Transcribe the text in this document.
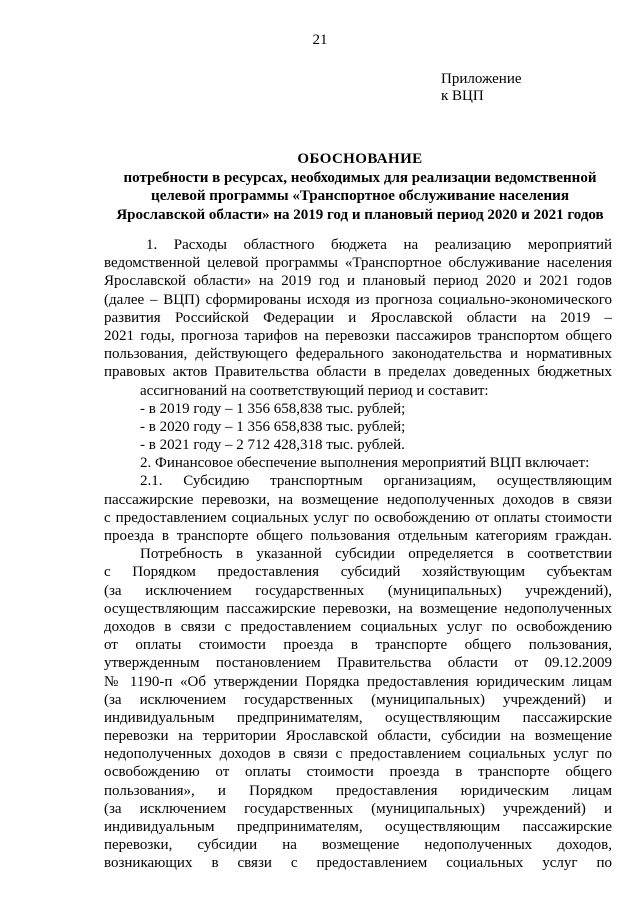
21
Приложение
к ВЦП
ОБОСНОВАНИЕ
потребности в ресурсах, необходимых для реализации ведомственной
целевой программы «Транспортное обслуживание населения
Ярославской области» на 2019 год и плановый период 2020 и 2021 годов
1. Расходы областного бюджета на реализацию мероприятий
ведомственной целевой программы «Транспортное обслуживание населения
Ярославской области» на 2019 год и плановый период 2020 и 2021 годов
(далее – ВЦП) сформированы исходя из прогноза социально-экономического
развития Российской Федерации и Ярославской области на 2019 –
2021 годы, прогноза тарифов на перевозки пассажиров транспортом общего
пользования, действующего федерального законодательства и нормативных
правовых актов Правительства области в пределах доведенных бюджетных
ассигнований на соответствующий период и составит:
- в 2019 году – 1 356 658,838 тыс. рублей;
- в 2020 году – 1 356 658,838 тыс. рублей;
- в 2021 году – 2 712 428,318 тыс. рублей.
2. Финансовое обеспечение выполнения мероприятий ВЦП включает:
2.1. Субсидию транспортным организациям, осуществляющим
пассажирские перевозки, на возмещение недополученных доходов в связи
с предоставлением социальных услуг по освобождению от оплаты стоимости
проезда в транспорте общего пользования отдельным категориям граждан.
Потребность в указанной субсидии определяется в соответствии
с Порядком предоставления субсидий хозяйствующим субъектам
(за исключением государственных (муниципальных) учреждений),
осуществляющим пассажирские перевозки, на возмещение недополученных
доходов в связи с предоставлением социальных услуг по освобождению
от оплаты стоимости проезда в транспорте общего пользования,
утвержденным постановлением Правительства области от 09.12.2009
№ 1190-п «Об утверждении Порядка предоставления юридическим лицам
(за исключением государственных (муниципальных) учреждений) и
индивидуальным предпринимателям, осуществляющим пассажирские
перевозки на территории Ярославской области, субсидии на возмещение
недополученных доходов в связи с предоставлением социальных услуг по
освобождению от оплаты стоимости проезда в транспорте общего
пользования», и Порядком предоставления юридическим лицам
(за исключением государственных (муниципальных) учреждений) и
индивидуальным предпринимателям, осуществляющим пассажирские
перевозки, субсидии на возмещение недополученных доходов,
возникающих в связи с предоставлением социальных услуг по
